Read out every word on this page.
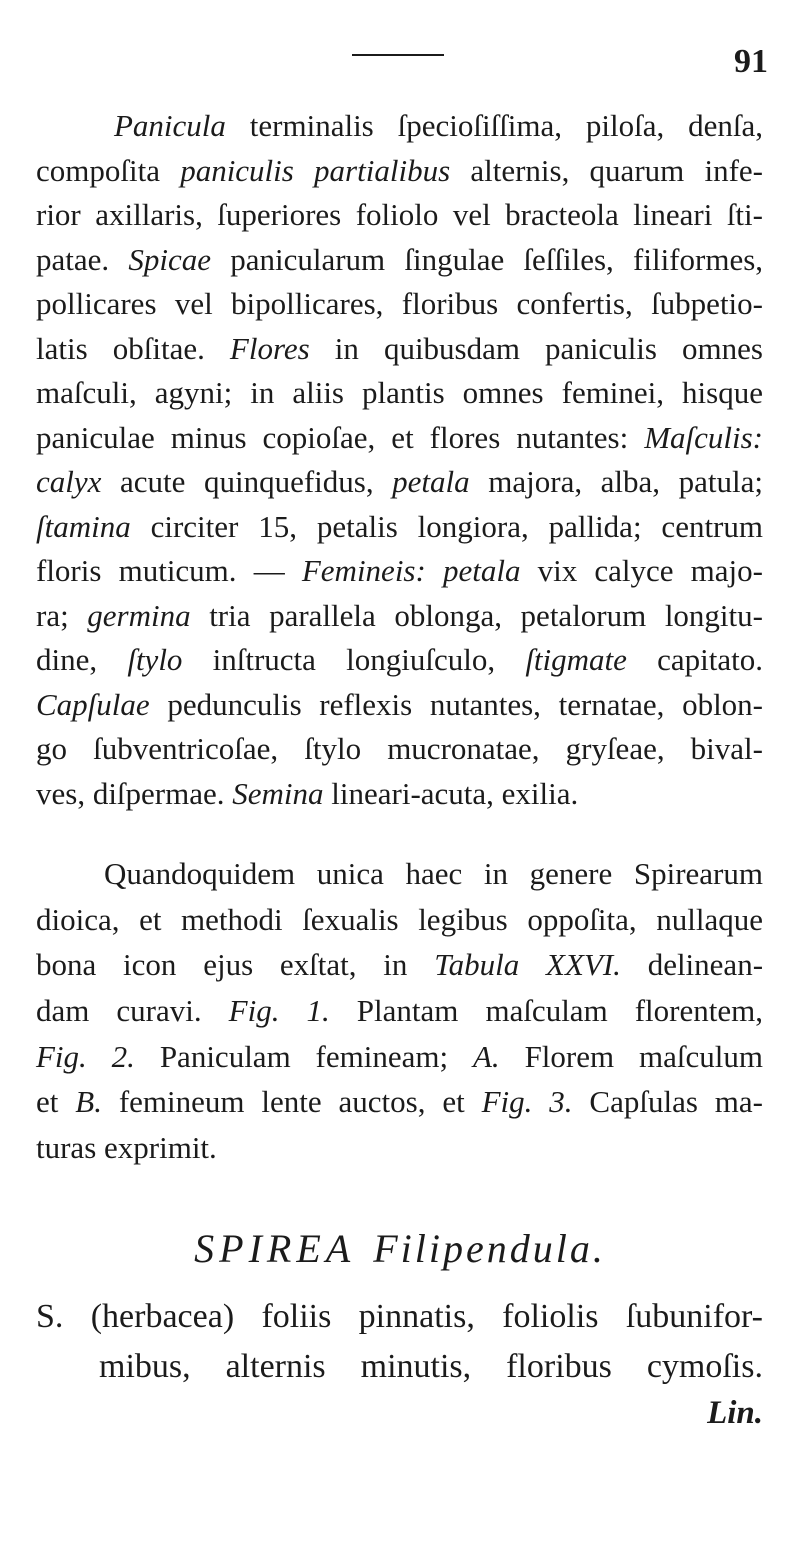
91
Panicula terminalis ſpecioſiſſima, piloſa, denſa,
compoſita paniculis partialibus alternis, quarum infe-
rior axillaris, ſuperiores foliolo vel bracteola lineari ſti-
patae. Spicae panicularum ſingulae ſeſſiles, filiformes,
pollicares vel bipollicares, floribus confertis, ſubpetio-
latis obſitae. Flores in quibusdam paniculis omnes
maſculi, agyni; in aliis plantis omnes feminei, hisque
paniculae minus copioſae, et flores nutantes: Maſculis:
calyx acute quinquefidus, petala majora, alba, patula;
ſtamina circiter 15, petalis longiora, pallida; centrum
floris muticum. — Femineis: petala vix calyce majo-
ra; germina tria parallela oblonga, petalorum longitu-
dine, ſtylo inſtructa longiuſculo, ſtigmate capitato.
Capſulae pedunculis reflexis nutantes, ternatae, oblon-
go ſubventricoſae, ſtylo mucronatae, gryſeae, bival-
ves, diſpermae. Semina lineari-acuta, exilia.
Quandoquidem unica haec in genere Spirearum
dioica, et methodi ſexualis legibus oppoſita, nullaque
bona icon ejus exſtat, in Tabula XXVI. delinean-
dam curavi. Fig. 1. Plantam maſculam florentem,
Fig. 2. Paniculam femineam; A. Florem maſculum
et B. femineum lente auctos, et Fig. 3. Capſulas ma-
turas exprimit.
SPIREA Filipendula.
S. (herbacea) foliis pinnatis, foliolis ſubunifor-
mibus, alternis minutis, floribus cymoſis.
Lin.
